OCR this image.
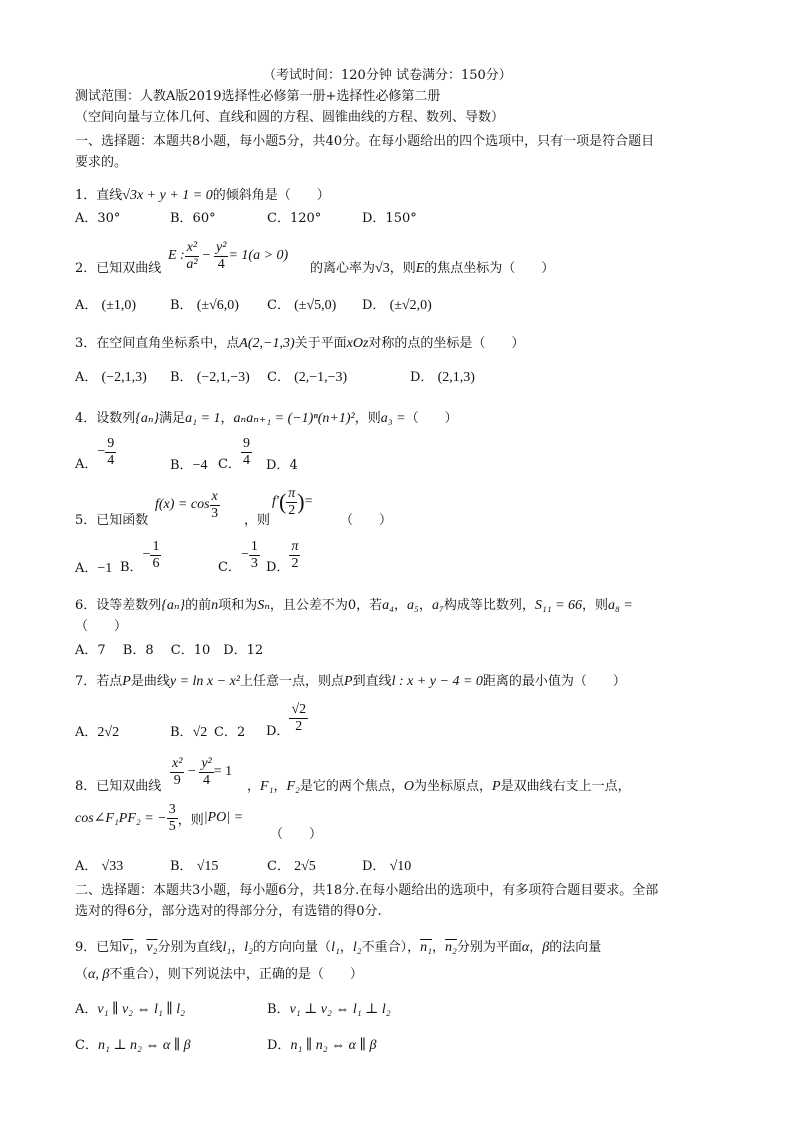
（考试时间：120分钟 试卷满分：150分）
测试范围：人教A版2019选择性必修第一册+选择性必修第二册
（空间向量与立体几何、直线和圆的方程、圆锥曲线的方程、数列、导数）
一、选择题：本题共8小题，每小题5分，共40分。在每小题给出的四个选项中，只有一项是符合题目
要求的。
1．直线√3x + y + 1 = 0的倾斜角是（　　）
A．30°	B．60°	C．120°	D．150°
2．已知双曲线
E : $\frac{\text{x²}}{\text{a²}} - \frac{\text{y²}}{4} = 1(a > 0)$
的离心率为√3，则E的焦点坐标为（　　）
A． (±1,0)	B． (±√6,0) C． (±√5,0) D． (±√2,0)
3．在空间直角坐标系中，点A(2,−1,3)关于平面xOz对称的点的坐标是（　　）
A． (−2,1,3) B． (−2,1,−3) C． (2,−1,−3)	D． (2,1,3)
4．设数列{aₙ}满足a₁ = 1，aₙaₙ₊₁ = (−1)ⁿ(n+1)²，则a₃ =（　　）
A．
− $\frac{9}{4}$	B．−4 C． $\frac{9}{4}$ D．4
5．已知函数
$f(x) = \cos \frac{x}{3}$ ，则
f′ ( $\frac{\pi}{2}$ ) =
（　　）
A．−1 B．
− $\frac{1}{6}$	C．
− $\frac{1}{3}$ D． $\frac{\pi}{2}$
6．设等差数列{aₙ}的前n项和为Sₙ，且公差不为0，若a₄，a₅，a₇构成等比数列，S₁₁ = 66，则a₈ =
（　　）
A．7　 B．8　 C．10　D．12
7．若点P是曲线y = ln x − x²上任意一点，则点P到直线l : x + y − 4 = 0距离的最小值为（　　）
A．2√2	B．√2 C．2 D． $\frac{√2}{2}$
8．已知双曲线 $\frac{\text{x²}}{9} - \frac{\text{y²}}{4} = 1$
，F₁，F₂是它的两个焦点，O为坐标原点，P是双曲线右支上一点，
cos∠F₁PF₂ = − $\frac{3}{5}$ ，则 |PO| =
（　　）
A． √33	B． √15	C． 2√5	D． √10
二、选择题：本题共3小题，每小题6分，共18分.在每小题给出的选项中，有多项符合题目要求。全部
选对的得6分，部分选对的得部分分，有选错的得0分.
9．已知v₁，v₂分别为直线l₁，l₂的方向向量（l₁，l₂不重合），n₁，n₂分别为平面α，β的法向量
（α, β不重合），则下列说法中，正确的是（　　）
A．v₁ ∥ v₂ ⇔ l₁ ∥ l₂	B．v₁ ⊥ v₂ ⇔ l₁ ⊥ l₂
C．n₁ ⊥ n₂ ⇔ α ∥ β	D．n₁ ∥ n₂ ⇔ α ∥ β
